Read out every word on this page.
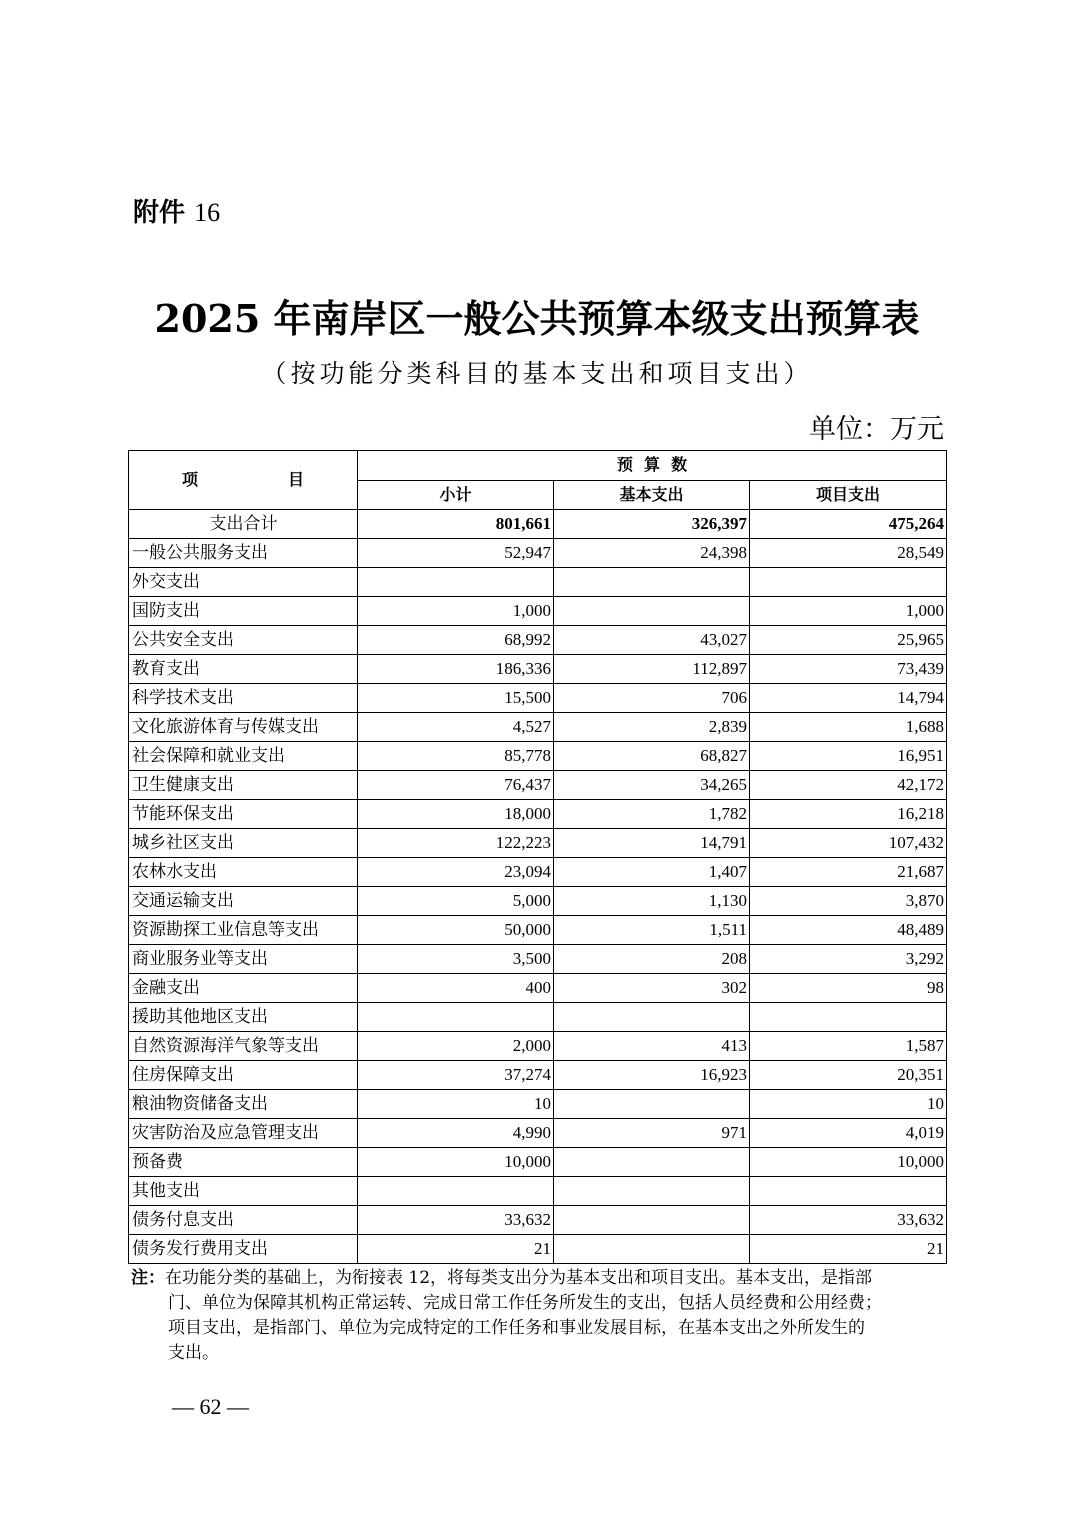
附件 16
2025 年南岸区一般公共预算本级支出预算表
（按功能分类科目的基本支出和项目支出）
单位：万元
项 目	预  算  数		
	小计	基本支出	项目支出
支出合计	801,661	326,397	475,264
一般公共服务支出	52,947	24,398	28,549
外交支出			
国防支出	1,000		1,000
公共安全支出	68,992	43,027	25,965
教育支出	186,336	112,897	73,439
科学技术支出	15,500	706	14,794
文化旅游体育与传媒支出	4,527	2,839	1,688
社会保障和就业支出	85,778	68,827	16,951
卫生健康支出	76,437	34,265	42,172
节能环保支出	18,000	1,782	16,218
城乡社区支出	122,223	14,791	107,432
农林水支出	23,094	1,407	21,687
交通运输支出	5,000	1,130	3,870
资源勘探工业信息等支出	50,000	1,511	48,489
商业服务业等支出	3,500	208	3,292
金融支出	400	302	98
援助其他地区支出			
自然资源海洋气象等支出	2,000	413	1,587
住房保障支出	37,274	16,923	20,351
粮油物资储备支出	10		10
灾害防治及应急管理支出	4,990	971	4,019
预备费	10,000		10,000
其他支出			
债务付息支出	33,632		33,632
债务发行费用支出	21		21
注：在功能分类的基础上，为衔接表 12，将每类支出分为基本支出和项目支出。基本支出，是指部
门、单位为保障其机构正常运转、完成日常工作任务所发生的支出，包括人员经费和公用经费；
项目支出，是指部门、单位为完成特定的工作任务和事业发展目标，在基本支出之外所发生的
支出。
— 62 —
